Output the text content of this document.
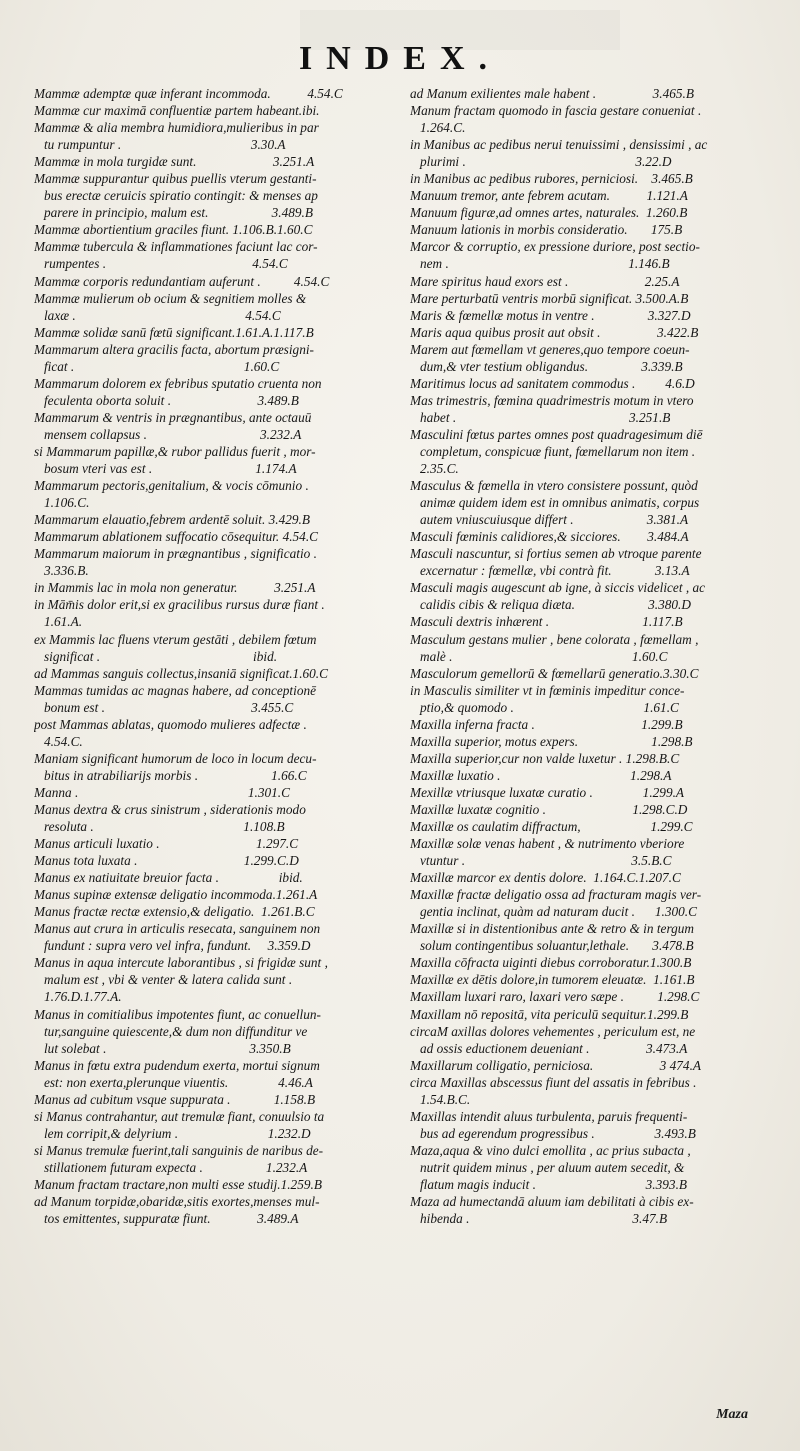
INDEX.
Mammæ ademptæ quæ inferant incommoda.           4.54.C
Mammæ cur maximā confluentiæ partem habeant.ibi.
Mammæ & alia membra humidiora,mulieribus in par
tu rumpuntur .                                       3.30.A
Mammæ in mola turgidæ sunt.                       3.251.A
Mammæ suppurantur quibus puellis vterum gestanti-
bus erectæ ceruicis spiratio contingit: & menses ap
parere in principio, malum est.                   3.489.B
Mammæ abortientium graciles fiunt. 1.106.B.1.60.C
Mammæ tubercula & inflammationes faciunt lac cor-
rumpentes .                                            4.54.C
Mammæ corporis redundantiam auferunt .          4.54.C
Mammæ mulierum ob ocium & segnitiem molles &
laxæ .                                                   4.54.C
Mammæ solidæ sanū fœtū significant.1.61.A.1.117.B
Mammarum altera gracilis facta, abortum præsigni-
ficat .                                                   1.60.C
Mammarum dolorem ex febribus sputatio cruenta non
feculenta oborta soluit .                          3.489.B
Mammarum & ventris in prægnantibus, ante octauū
mensem collapsus .                                  3.232.A
si Mammarum papillæ,& rubor pallidus fuerit , mor-
bosum vteri vas est .                               1.174.A
Mammarum pectoris,genitalium, & vocis cōmunio .
1.106.C.
Mammarum elauatio,febrem ardentē soluit. 3.429.B
Mammarum ablationem suffocatio cōsequitur. 4.54.C
Mammarum maiorum in prægnantibus , significatio .
3.336.B.
in Mammis lac in mola non generatur.           3.251.A
in Mām̄is dolor erit,si ex gracilibus rursus duræ fiant .
1.61.A.
ex Mammis lac fluens vterum gestāti , debilem fœtum
significat .                                              ibid.
ad Mammas sanguis collectus,insaniā significat.1.60.C
Mammas tumidas ac magnas habere, ad conceptionē
bonum est .                                            3.455.C
post Mammas ablatas, quomodo mulieres adfectæ .
4.54.C.
Maniam significant humorum de loco in locum decu-
bitus in atrabiliarijs morbis .                      1.66.C
Manna .                                                   1.301.C
Manus dextra & crus sinistrum , siderationis modo
resoluta .                                             1.108.B
Manus articuli luxatio .                             1.297.C
Manus tota luxata .                                1.299.C.D
Manus ex natiuitate breuior facta .                  ibid.
Manus supinæ extensæ deligatio incommoda.1.261.A
Manus fractæ rectæ extensio,& deligatio.  1.261.B.C
Manus aut crura in articulis resecata, sanguinem non
fundunt : supra vero vel infra, fundunt.     3.359.D
Manus in aqua intercute laborantibus , si frigidæ sunt ,
malum est , vbi & venter & latera calida sunt .
1.76.D.1.77.A.
Manus in comitialibus impotentes fiunt, ac conuellun-
tur,sanguine quiescente,& dum non diffunditur ve
lut solebat .                                           3.350.B
Manus in fœtu extra pudendum exerta, mortui signum
est: non exerta,plerunque viuentis.               4.46.A
Manus ad cubitum vsque suppurata .             1.158.B
si Manus contrahantur, aut tremulæ fiant, conuulsio ta
lem corripit,& delyrium .                           1.232.D
si Manus tremulæ fuerint,tali sanguinis de naribus de-
stillationem futuram expecta .                   1.232.A
Manum fractam tractare,non multi esse studij.1.259.B
ad Manum torpidæ,obaridæ,sitis exortes,menses mul-
tos emittentes, suppuratæ fiunt.              3.489.A
ad Manum exilientes male habent .                 3.465.B
Manum fractam quomodo in fascia gestare conueniat .
1.264.C.
in Manibus ac pedibus nerui tenuissimi , densissimi , ac
plurimi .                                                   3.22.D
in Manibus ac pedibus rubores, perniciosi.    3.465.B
Manuum tremor, ante febrem acutam.           1.121.A
Manuum figuræ,ad omnes artes, naturales.  1.260.B
Manuum lationis in morbis consideratio.       175.B
Marcor & corruptio, ex pressione duriore, post sectio-
nem .                                                      1.146.B
Mare spiritus haud exors est .                       2.25.A
Mare perturbatū ventris morbū significat. 3.500.A.B
Maris & fœmellæ motus in ventre .                3.327.D
Maris aqua quibus prosit aut obsit .                 3.422.B
Marem aut fœmellam vt generes,quo tempore coeun-
dum,& vter testium obligandus.                3.339.B
Maritimus locus ad sanitatem commodus .         4.6.D
Mas trimestris, fœmina quadrimestris motum in vtero
habet .                                                    3.251.B
Masculini fœtus partes omnes post quadragesimum diē
completum, conspicuæ fiunt, fœmellarum non item .
2.35.C.
Masculus & fœmella in vtero consistere possunt, quòd
animæ quidem idem est in omnibus animatis, corpus
autem vniuscuiusque differt .                      3.381.A
Masculi fœminis calidiores,& sicciores.        3.484.A
Masculi nascuntur, si fortius semen ab vtroque parente
excernatur : fœmellæ, vbi contrà fit.             3.13.A
Masculi magis augescunt ab igne, à siccis videlicet , ac
calidis cibis & reliqua diæta.                      3.380.D
Masculi dextris inhærent .                            1.117.B
Masculum gestans mulier , bene colorata , fœmellam ,
malè .                                                      1.60.C
Masculorum gemellorū & fœmellarū generatio.3.30.C
in Masculis similiter vt in fœminis impeditur conce-
ptio,& quomodo .                                       1.61.C
Maxilla inferna fracta .                                1.299.B
Maxilla superior, motus expers.                      1.298.B
Maxilla superior,cur non valde luxetur . 1.298.B.C
Maxillæ luxatio .                                       1.298.A
Mexillæ vtriusque luxatæ curatio .               1.299.A
Maxillæ luxatæ cognitio .                          1.298.C.D
Maxillæ os caulatim diffractum,                     1.299.C
Maxillæ solæ venas habent , & nutrimento vberiore
vtuntur .                                                  3.5.B.C
Maxillæ marcor ex dentis dolore.  1.164.C.1.207.C
Maxillæ fractæ deligatio ossa ad fracturam magis ver-
gentia inclinat, quàm ad naturam ducit .      1.300.C
Maxillæ si in distentionibus ante & retro & in tergum
solum contingentibus soluantur,lethale.       3.478.B
Maxilla cōfracta uiginti diebus corroboratur.1.300.B
Maxillæ ex dētis dolore,in tumorem eleuatæ.  1.161.B
Maxillam luxari raro, laxari vero sæpe .          1.298.C
Maxillam nō repositā, vita periculū sequitur.1.299.B
circaM axillas dolores vehementes , periculum est, ne
ad ossis eductionem deueniant .                 3.473.A
Maxillarum colligatio, perniciosa.                    3 474.A
circa Maxillas abscessus fiunt del assatis in febribus .
1.54.B.C.
Maxillas intendit aluus turbulenta, paruis frequenti-
bus ad egerendum progressibus .                  3.493.B
Maza,aqua & vino dulci emollita , ac prius subacta ,
nutrit quidem minus , per aluum autem secedit, &
flatum magis inducit .                                 3.393.B
Maza ad humectandā aluum iam debilitati à cibis ex-
hibenda .                                                 3.47.B
Maza
